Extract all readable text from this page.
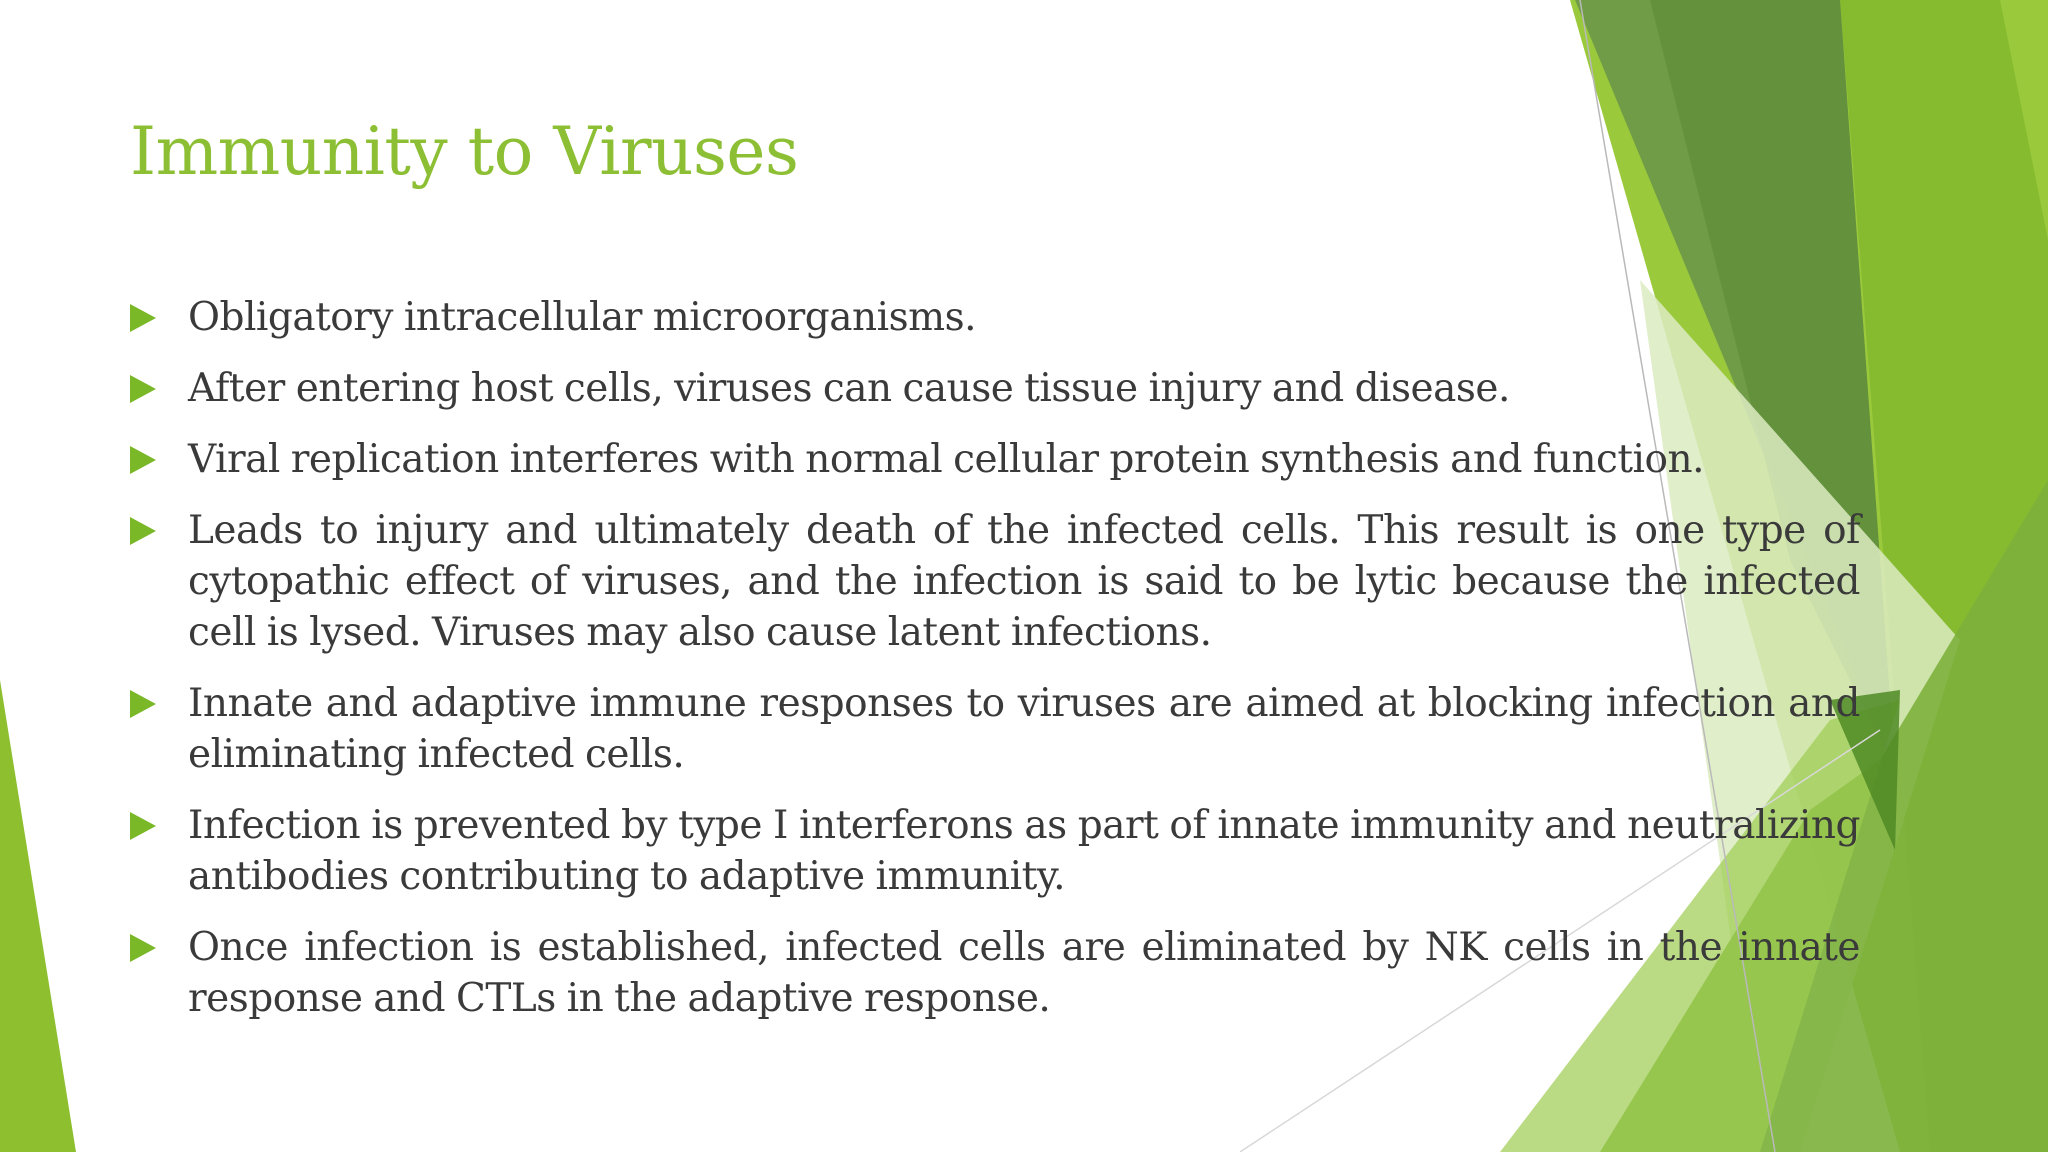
Immunity to Viruses
Obligatory intracellular microorganisms.
After entering host cells, viruses can cause tissue injury and disease.
Viral replication interferes with normal cellular protein synthesis and function.
Leads to injury and ultimately death of the infected cells. This result is one type of cytopathic effect of viruses, and the infection is said to be lytic because the infected cell is lysed. Viruses may also cause latent infections.
Innate and adaptive immune responses to viruses are aimed at blocking infection and eliminating infected cells.
Infection is prevented by type I interferons as part of innate immunity and neutralizing antibodies contributing to adaptive immunity.
Once infection is established, infected cells are eliminated by NK cells in the innate response and CTLs in the adaptive response.
